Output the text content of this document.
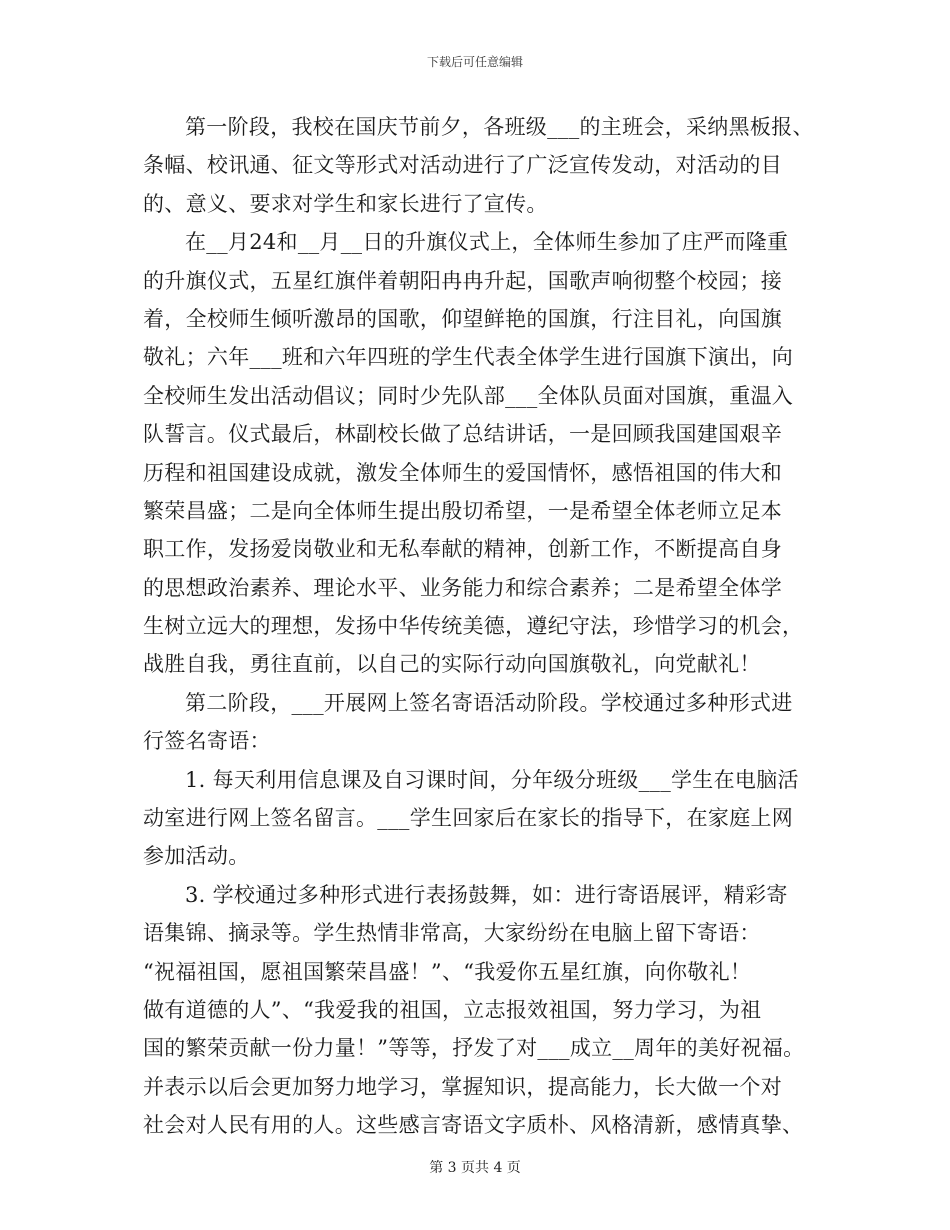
下载后可任意编辑
第一阶段，我校在国庆节前夕，各班级___的主班会，采纳黑板报、
条幅、校讯通、征文等形式对活动进行了广泛宣传发动，对活动的目
的、意义、要求对学生和家长进行了宣传。
在__月24和__月__日的升旗仪式上，全体师生参加了庄严而隆重
的升旗仪式，五星红旗伴着朝阳冉冉升起，国歌声响彻整个校园；接
着，全校师生倾听激昂的国歌，仰望鲜艳的国旗，行注目礼，向国旗
敬礼；六年___班和六年四班的学生代表全体学生进行国旗下演出，向
全校师生发出活动倡议；同时少先队部___全体队员面对国旗，重温入
队誓言。仪式最后，林副校长做了总结讲话，一是回顾我国建国艰辛
历程和祖国建设成就，激发全体师生的爱国情怀，感悟祖国的伟大和
繁荣昌盛；二是向全体师生提出殷切希望，一是希望全体老师立足本
职工作，发扬爱岗敬业和无私奉献的精神，创新工作，不断提高自身
的思想政治素养、理论水平、业务能力和综合素养；二是希望全体学
生树立远大的理想，发扬中华传统美德，遵纪守法，珍惜学习的机会，
战胜自我，勇往直前，以自己的实际行动向国旗敬礼，向党献礼！
第二阶段，___开展网上签名寄语活动阶段。学校通过多种形式进
行签名寄语：
1. 每天利用信息课及自习课时间，分年级分班级___学生在电脑活
动室进行网上签名留言。___学生回家后在家长的指导下，在家庭上网
参加活动。
3. 学校通过多种形式进行表扬鼓舞，如：进行寄语展评，精彩寄
语集锦、摘录等。学生热情非常高，大家纷纷在电脑上留下寄语：
“祝福祖国，愿祖国繁荣昌盛！”、“我爱你五星红旗，向你敬礼！
做有道德的人”、“我爱我的祖国，立志报效祖国，努力学习，为祖
国的繁荣贡献一份力量！”等等，抒发了对___成立__周年的美好祝福。
并表示以后会更加努力地学习，掌握知识，提高能力，长大做一个对
社会对人民有用的人。这些感言寄语文字质朴、风格清新，感情真挚、
第 3 页共 4 页
